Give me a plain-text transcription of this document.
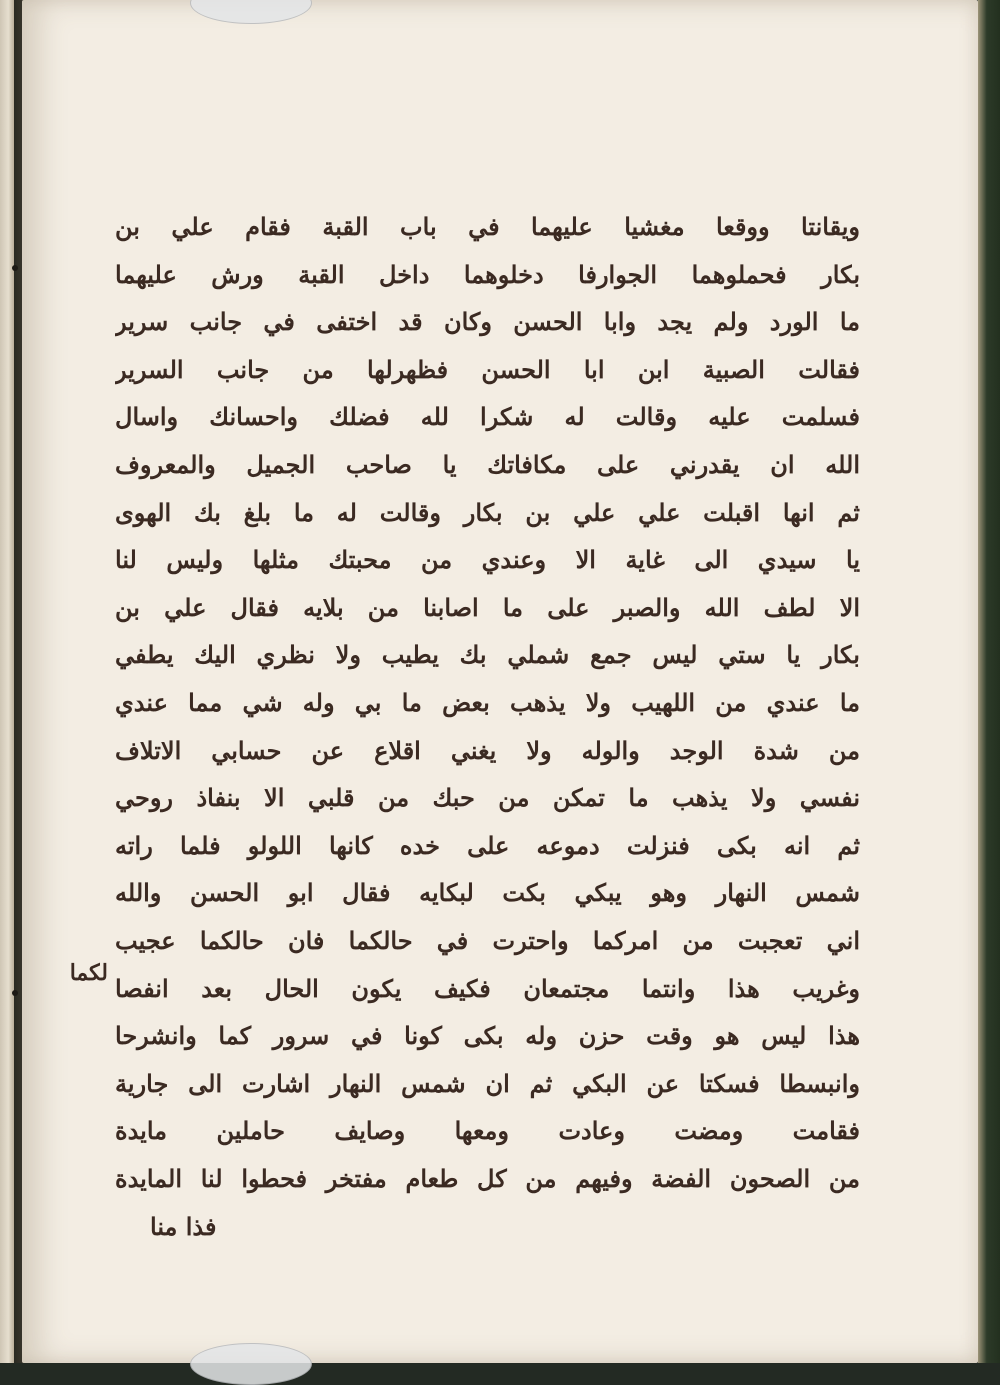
ويقانتا ووقعا مغشيا عليهما في باب القبة فقام علي بن
بكار فحملوهما الجوارفا دخلوهما داخل القبة ورش عليهما
ما الورد ولم يجد وابا الحسن وكان قد اختفى في جانب سرير
فقالت الصبية ابن ابا الحسن فظهرلها من جانب السرير
فسلمت عليه وقالت له شكرا لله فضلك واحسانك واسال
الله ان يقدرني على مكافاتك يا صاحب الجميل والمعروف
ثم انها اقبلت علي علي بن بكار وقالت له ما بلغ بك الهوى
يا سيدي الى غاية الا وعندي من محبتك مثلها وليس لنا
الا لطف الله والصبر على ما اصابنا من بلايه فقال علي بن
بكار يا ستي ليس جمع شملي بك يطيب ولا نظري اليك يطفي
ما عندي من اللهيب ولا يذهب بعض ما بي وله شي مما عندي
من شدة الوجد والوله ولا يغني اقلاع عن حسابي الاتلاف
نفسي ولا يذهب ما تمكن من حبك من قلبي الا بنفاذ روحي
ثم انه بكى فنزلت دموعه على خده كانها اللولو فلما راته
شمس النهار وهو يبكي بكت لبكايه فقال ابو الحسن والله
اني تعجبت من امركما واحترت في حالكما فان حالكما عجيب
وغريب هذا وانتما مجتمعان فكيف يكون الحال بعد انفصا
هذا ليس هو وقت حزن وله بكى كونا في سرور كما وانشرحا
وانبسطا فسكتا عن البكي ثم ان شمس النهار اشارت الى جارية
فقامت ومضت وعادت ومعها وصايف حاملين مايدة
من الصحون الفضة وفيهم من كل طعام مفتخر فحطوا لنا المايدة
لكما
فذا منا
